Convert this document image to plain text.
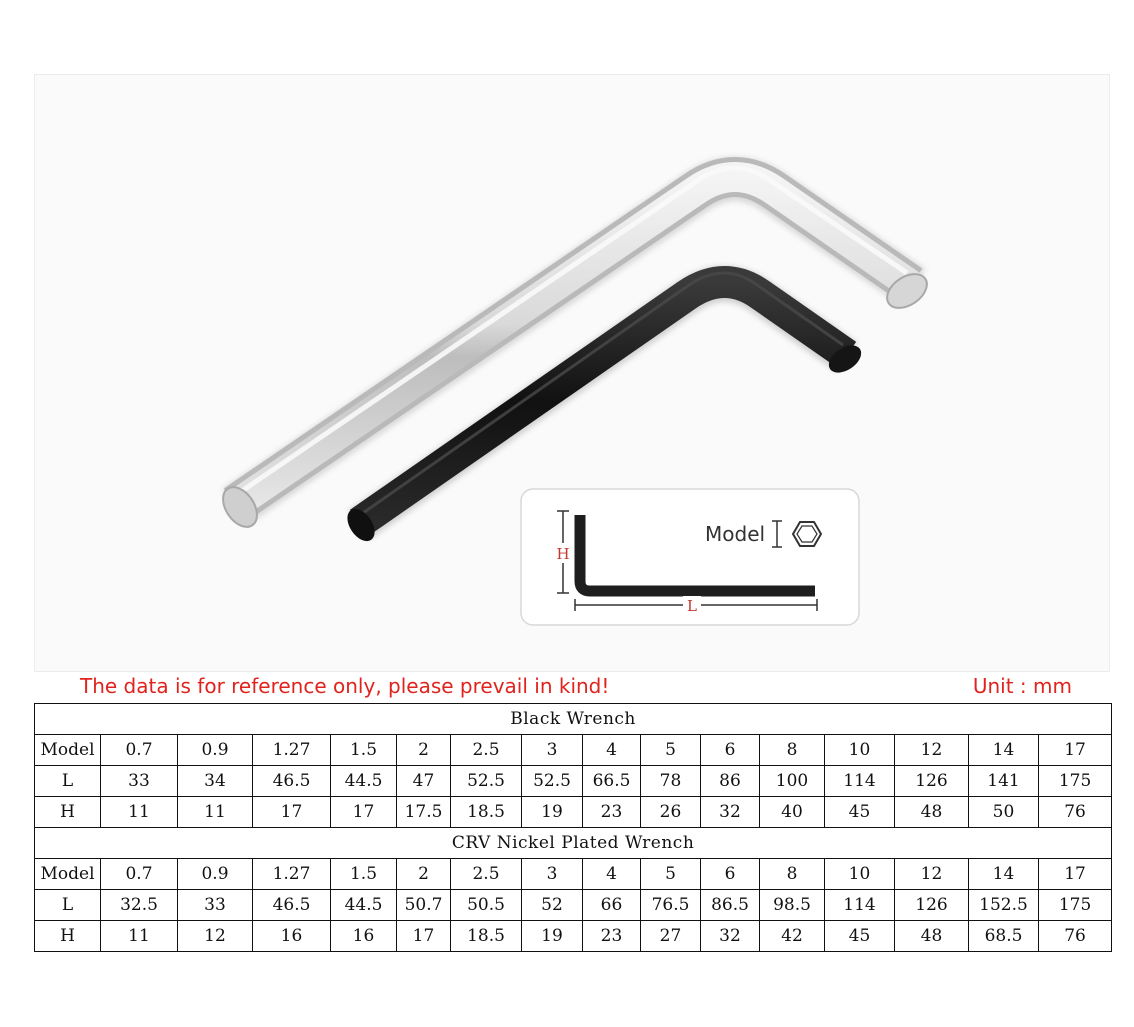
H
L
Model
The data is for reference only, please prevail in kind!	Unit : mm
Black Wrench															
Model	0.7	0.9	1.27	1.5	2	2.5	3	4	5	6	8	10	12	14	17
L	33	34	46.5	44.5	47	52.5	52.5	66.5	78	86	100	114	126	141	175
H	11	11	17	17	17.5	18.5	19	23	26	32	40	45	48	50	76
CRV Nickel Plated Wrench															
Model	0.7	0.9	1.27	1.5	2	2.5	3	4	5	6	8	10	12	14	17
L	32.5	33	46.5	44.5	50.7	50.5	52	66	76.5	86.5	98.5	114	126	152.5	175
H	11	12	16	16	17	18.5	19	23	27	32	42	45	48	68.5	76
